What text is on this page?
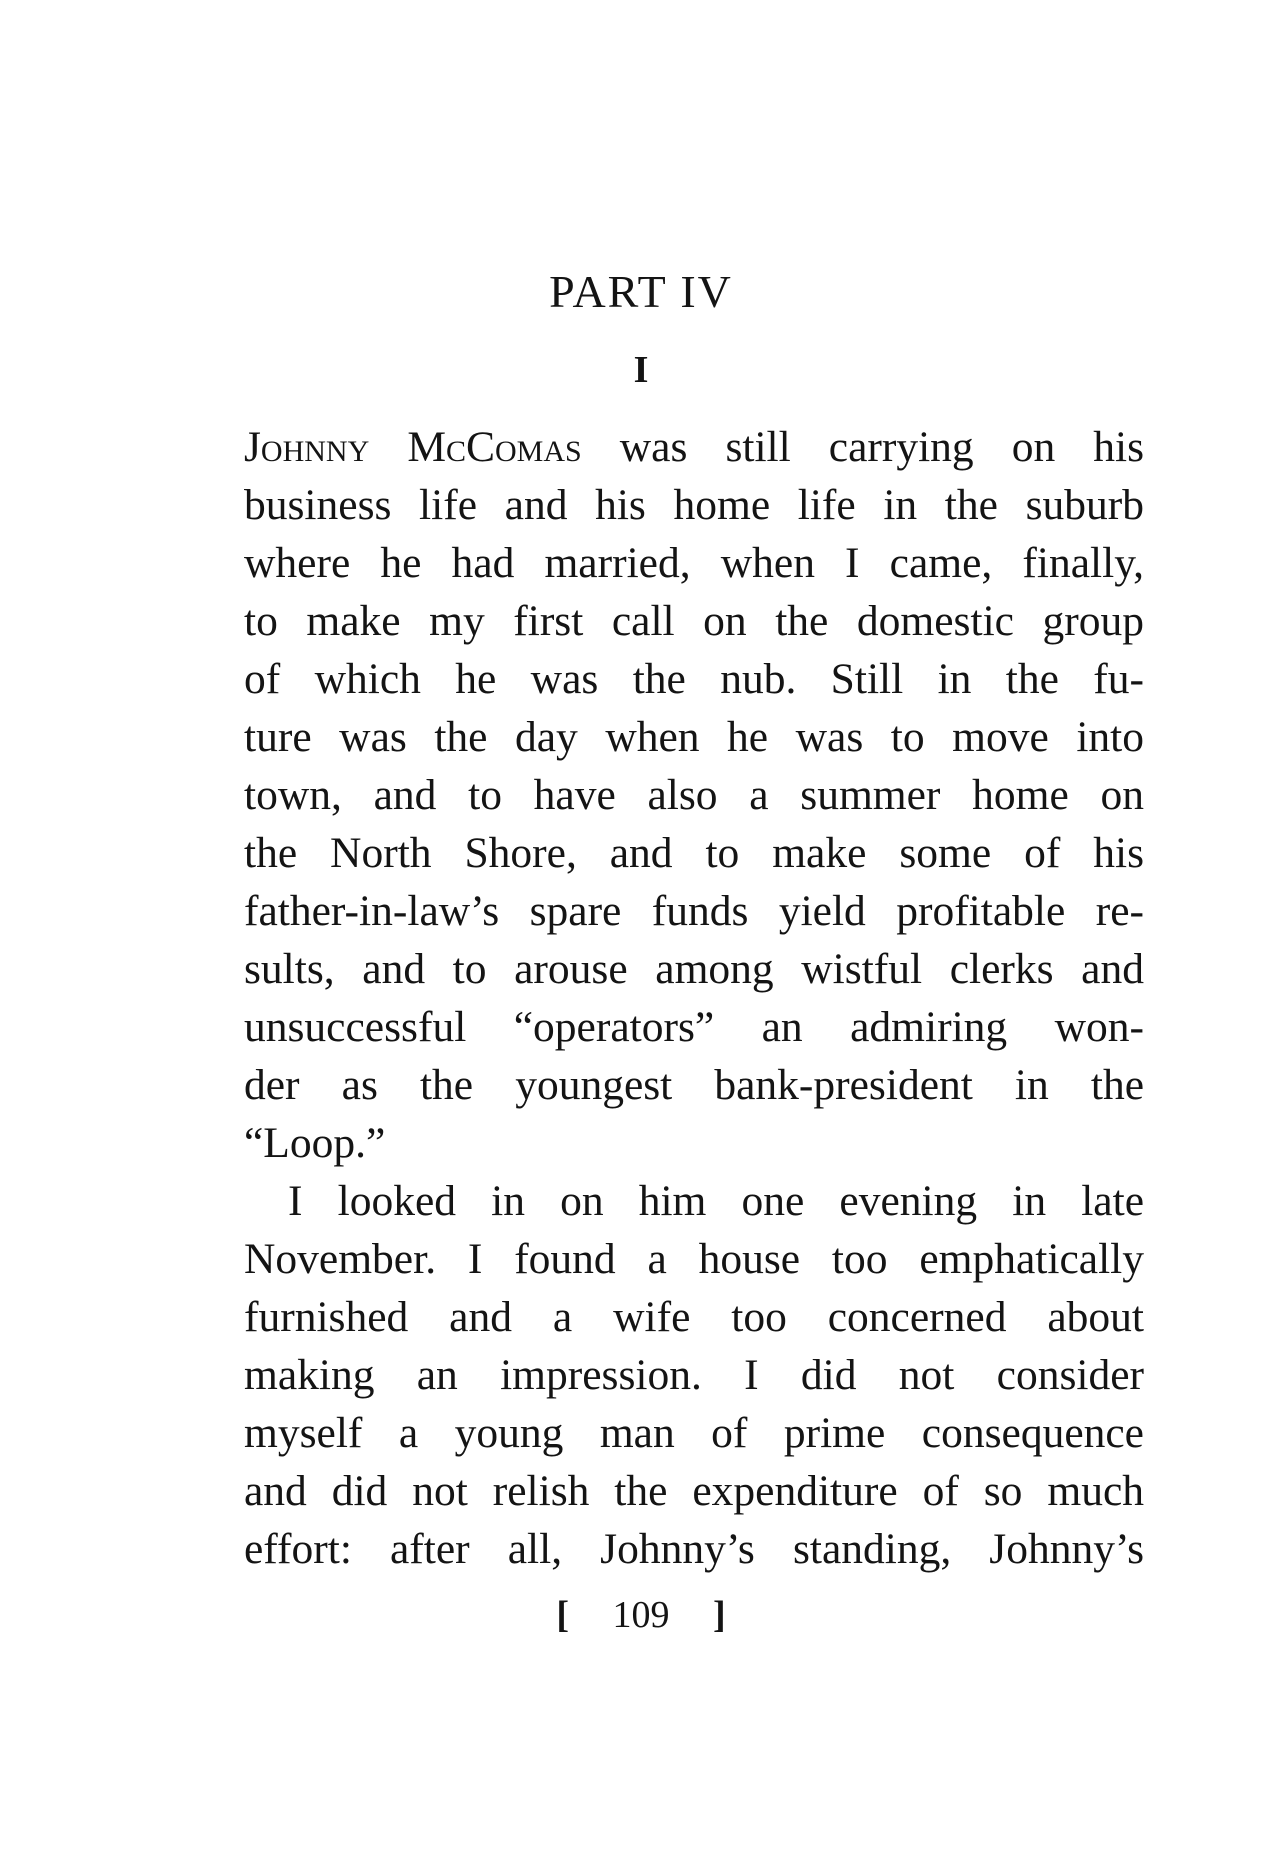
PART IV
I
Johnny McComas was still carrying on his
business life and his home life in the suburb
where he had married, when I came, finally,
to make my first call on the domestic group
of which he was the nub. Still in the fu-
ture was the day when he was to move into
town, and to have also a summer home on
the North Shore, and to make some of his
father-in-law’s spare funds yield profitable re-
sults, and to arouse among wistful clerks and
unsuccessful “operators” an admiring won-
der as the youngest bank-president in the
“Loop.”
I looked in on him one evening in late
November. I found a house too emphatically
furnished and a wife too concerned about
making an impression. I did not consider
myself a young man of prime consequence
and did not relish the expenditure of so much
effort: after all, Johnny’s standing, Johnny’s
[ 109 ]
